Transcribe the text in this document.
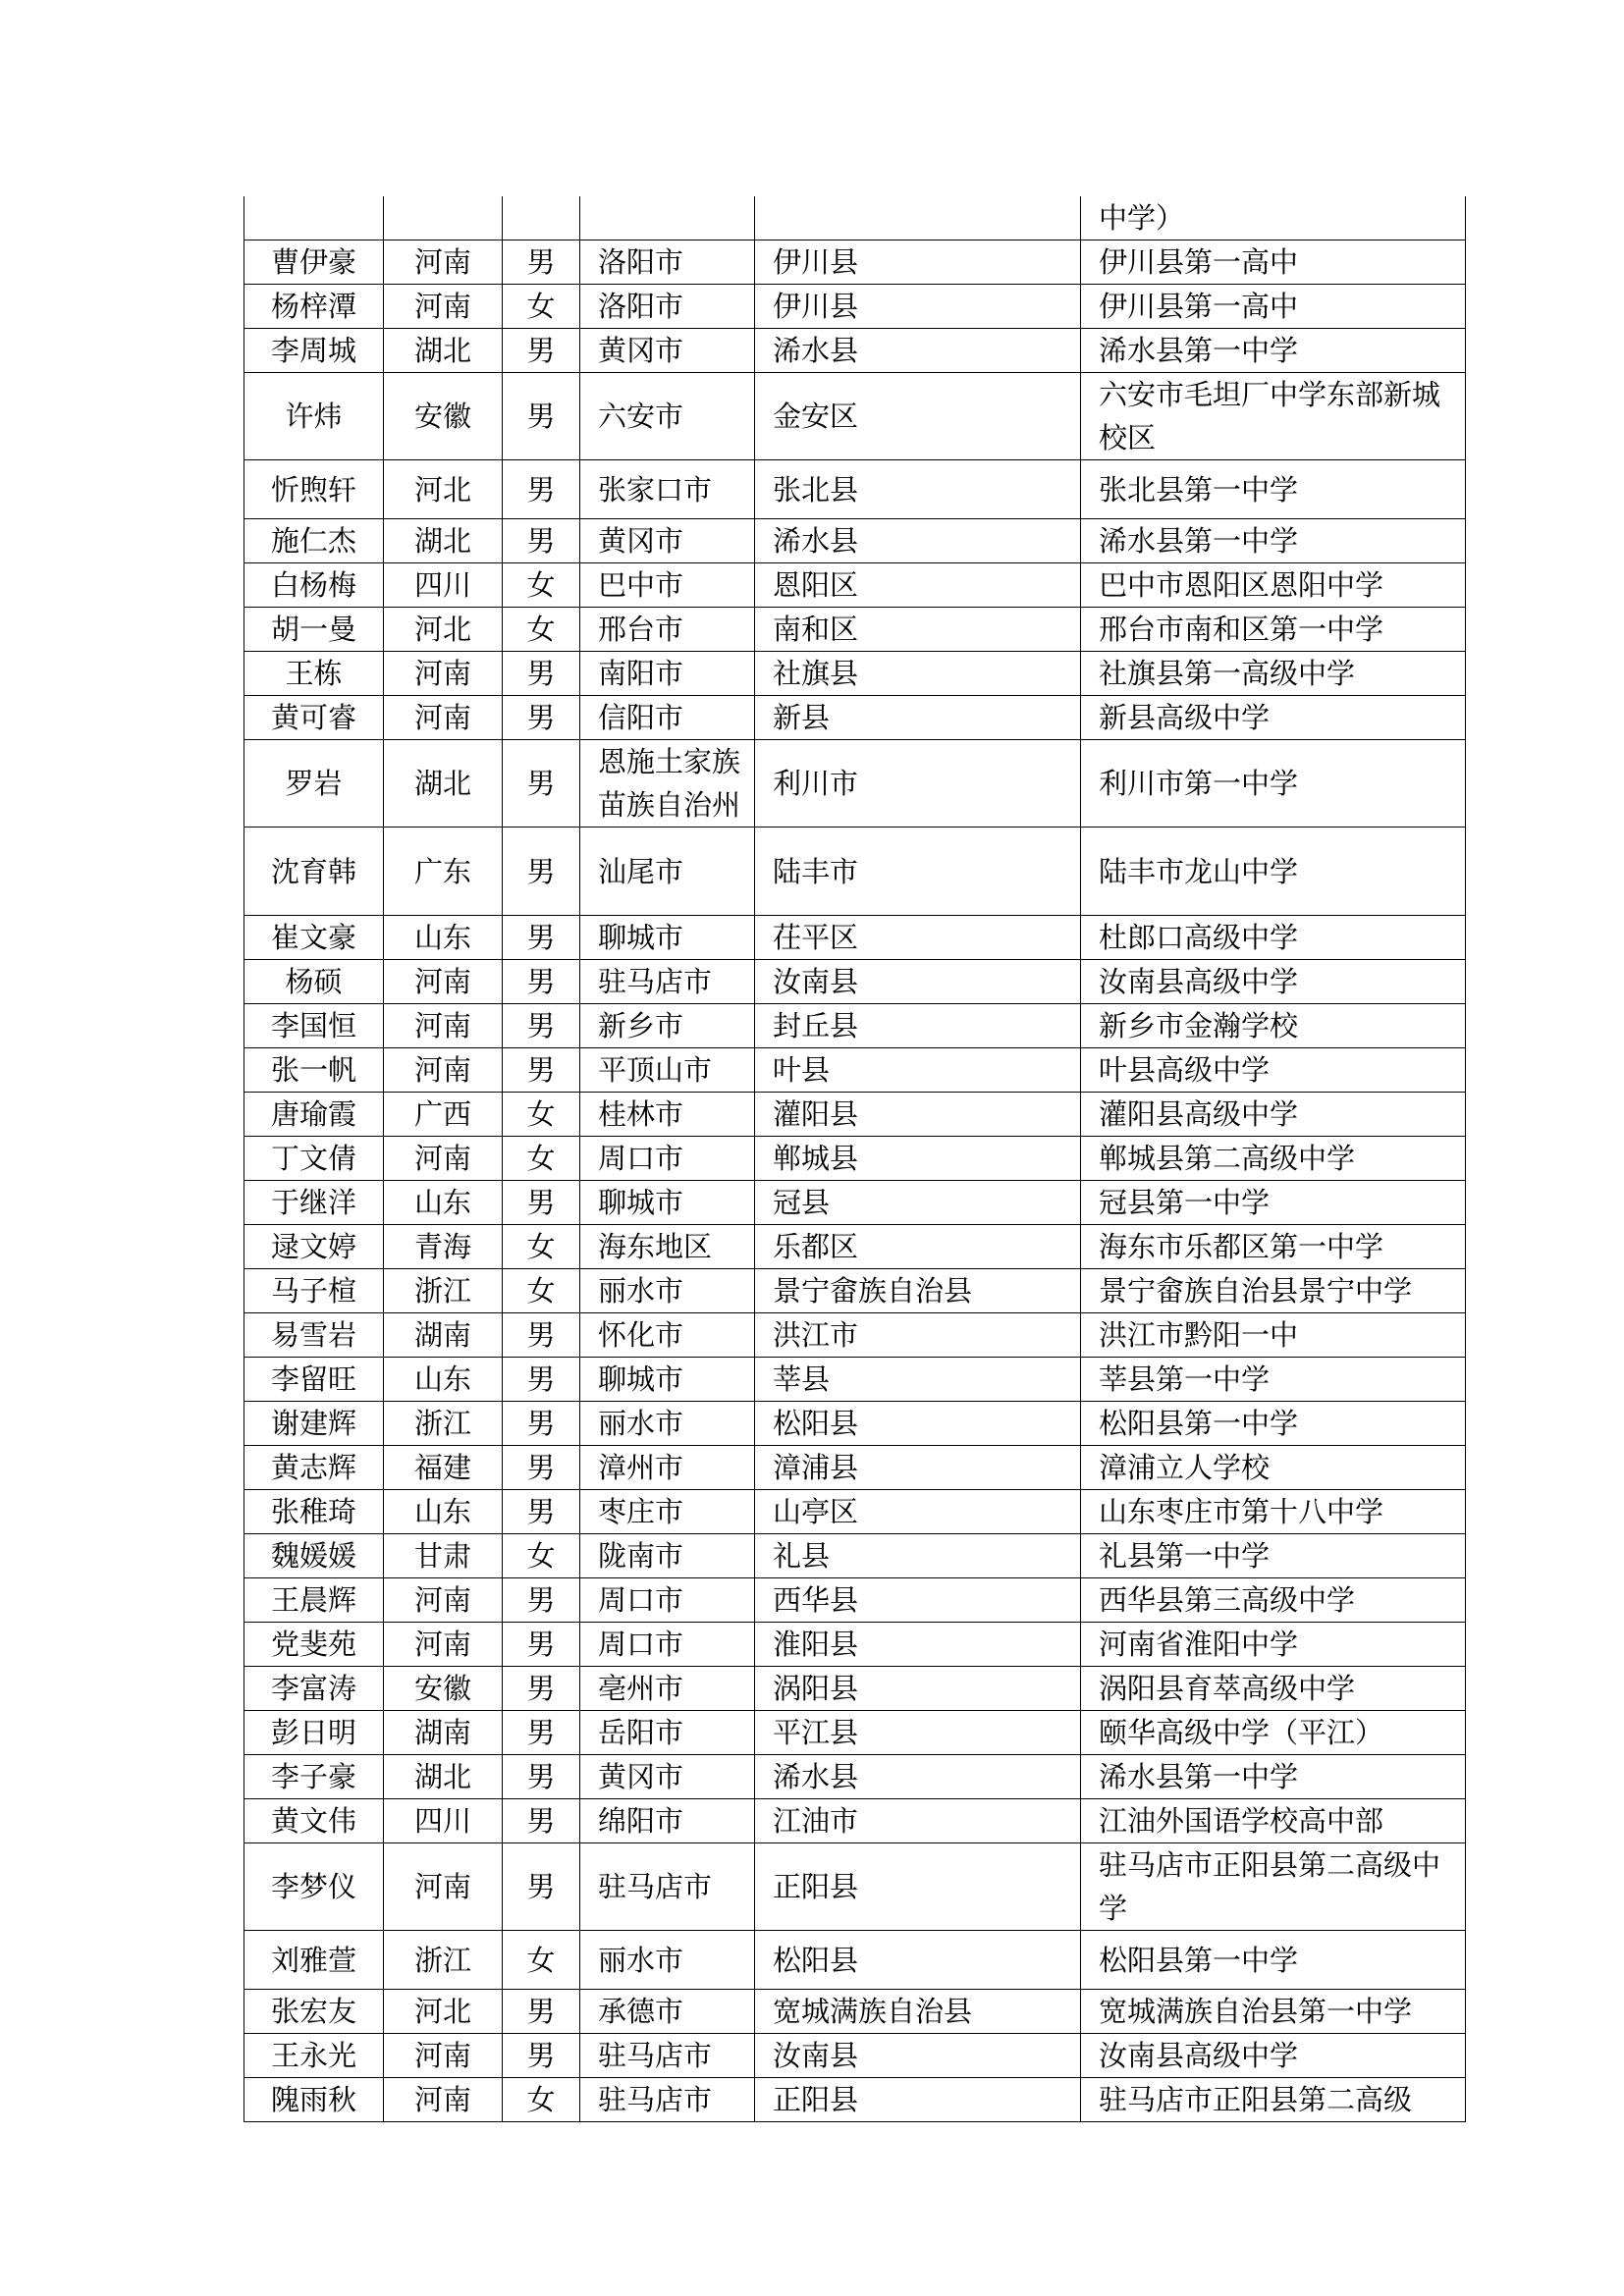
					中学）
曹伊豪	河南	男	洛阳市	伊川县	伊川县第一高中
杨梓潭	河南	女	洛阳市	伊川县	伊川县第一高中
李周城	湖北	男	黄冈市	浠水县	浠水县第一中学
许炜	安徽	男	六安市	金安区	六安市毛坦厂中学东部新城校区
忻煦轩	河北	男	张家口市	张北县	张北县第一中学
施仁杰	湖北	男	黄冈市	浠水县	浠水县第一中学
白杨梅	四川	女	巴中市	恩阳区	巴中市恩阳区恩阳中学
胡一曼	河北	女	邢台市	南和区	邢台市南和区第一中学
王栋	河南	男	南阳市	社旗县	社旗县第一高级中学
黄可睿	河南	男	信阳市	新县	新县高级中学
罗岩	湖北	男	恩施土家族苗族自治州	利川市	利川市第一中学
沈育韩	广东	男	汕尾市	陆丰市	陆丰市龙山中学
崔文豪	山东	男	聊城市	茌平区	杜郎口高级中学
杨硕	河南	男	驻马店市	汝南县	汝南县高级中学
李国恒	河南	男	新乡市	封丘县	新乡市金瀚学校
张一帆	河南	男	平顶山市	叶县	叶县高级中学
唐瑜霞	广西	女	桂林市	灌阳县	灌阳县高级中学
丁文倩	河南	女	周口市	郸城县	郸城县第二高级中学
于继洋	山东	男	聊城市	冠县	冠县第一中学
逯文婷	青海	女	海东地区	乐都区	海东市乐都区第一中学
马子楦	浙江	女	丽水市	景宁畲族自治县	景宁畲族自治县景宁中学
易雪岩	湖南	男	怀化市	洪江市	洪江市黔阳一中
李留旺	山东	男	聊城市	莘县	莘县第一中学
谢建辉	浙江	男	丽水市	松阳县	松阳县第一中学
黄志辉	福建	男	漳州市	漳浦县	漳浦立人学校
张稚琦	山东	男	枣庄市	山亭区	山东枣庄市第十八中学
魏媛媛	甘肃	女	陇南市	礼县	礼县第一中学
王晨辉	河南	男	周口市	西华县	西华县第三高级中学
党斐苑	河南	男	周口市	淮阳县	河南省淮阳中学
李富涛	安徽	男	亳州市	涡阳县	涡阳县育萃高级中学
彭日明	湖南	男	岳阳市	平江县	颐华高级中学（平江）
李子豪	湖北	男	黄冈市	浠水县	浠水县第一中学
黄文伟	四川	男	绵阳市	江油市	江油外国语学校高中部
李梦仪	河南	男	驻马店市	正阳县	驻马店市正阳县第二高级中学
刘雅萱	浙江	女	丽水市	松阳县	松阳县第一中学
张宏友	河北	男	承德市	宽城满族自治县	宽城满族自治县第一中学
王永光	河南	男	驻马店市	汝南县	汝南县高级中学
隗雨秋	河南	女	驻马店市	正阳县	驻马店市正阳县第二高级
